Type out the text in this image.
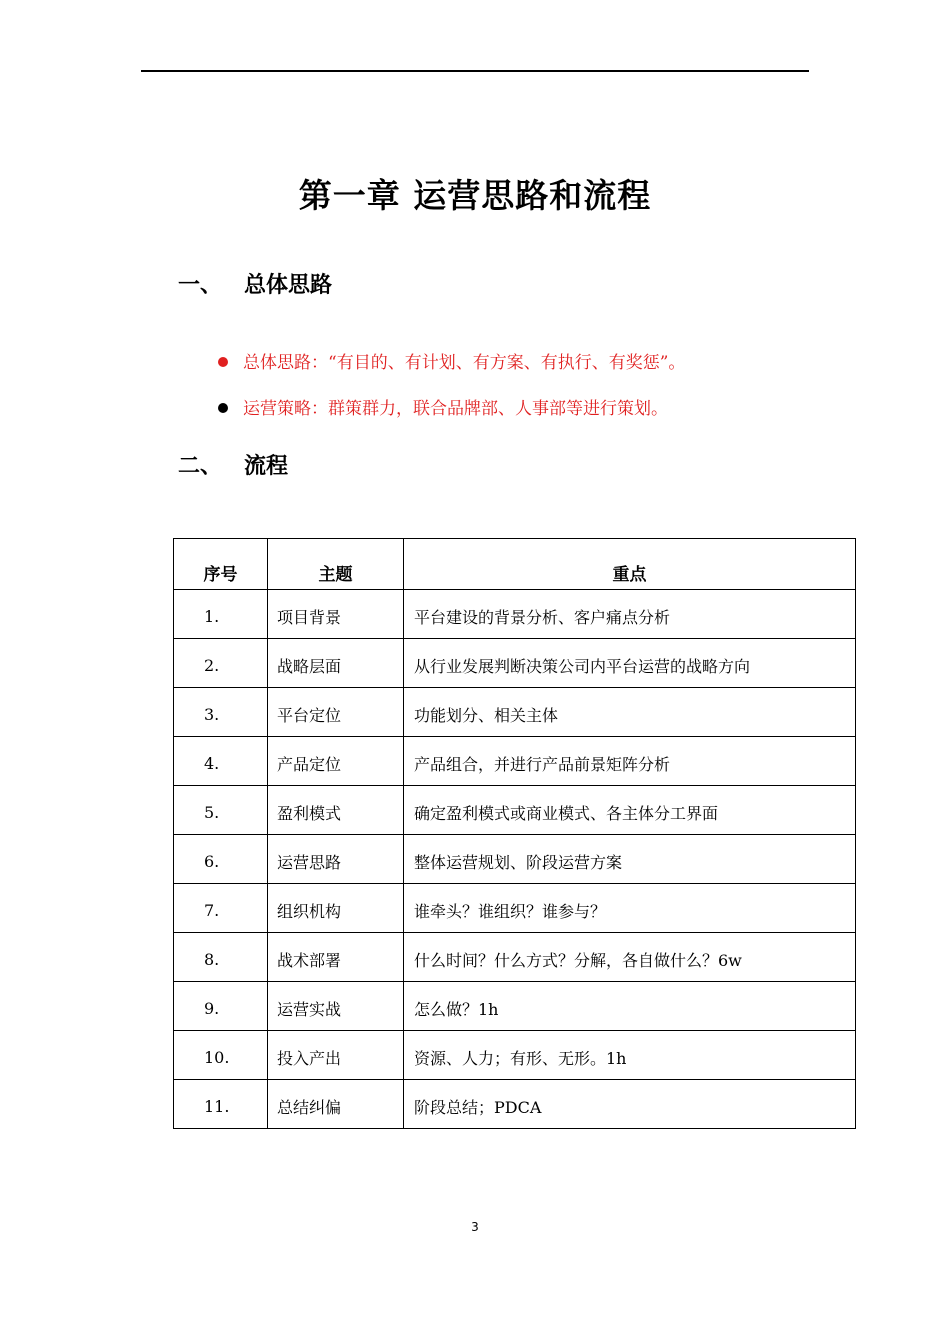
第一章 运营思路和流程
一、 总体思路
总体思路：“有目的、有计划、有方案、有执行、有奖惩”。
运营策略：群策群力，联合品牌部、人事部等进行策划。
二、 流程
序号	主题	重点
1.	项目背景	平台建设的背景分析、客户痛点分析
2.	战略层面	从行业发展判断决策公司内平台运营的战略方向
3.	平台定位	功能划分、相关主体
4.	产品定位	产品组合，并进行产品前景矩阵分析
5.	盈利模式	确定盈利模式或商业模式、各主体分工界面
6.	运营思路	整体运营规划、阶段运营方案
7.	组织机构	谁牵头？谁组织？谁参与？
8.	战术部署	什么时间？什么方式？分解，各自做什么？6w
9.	运营实战	怎么做？1h
10.	投入产出	资源、人力；有形、无形。1h
11.	总结纠偏	阶段总结；PDCA
3
